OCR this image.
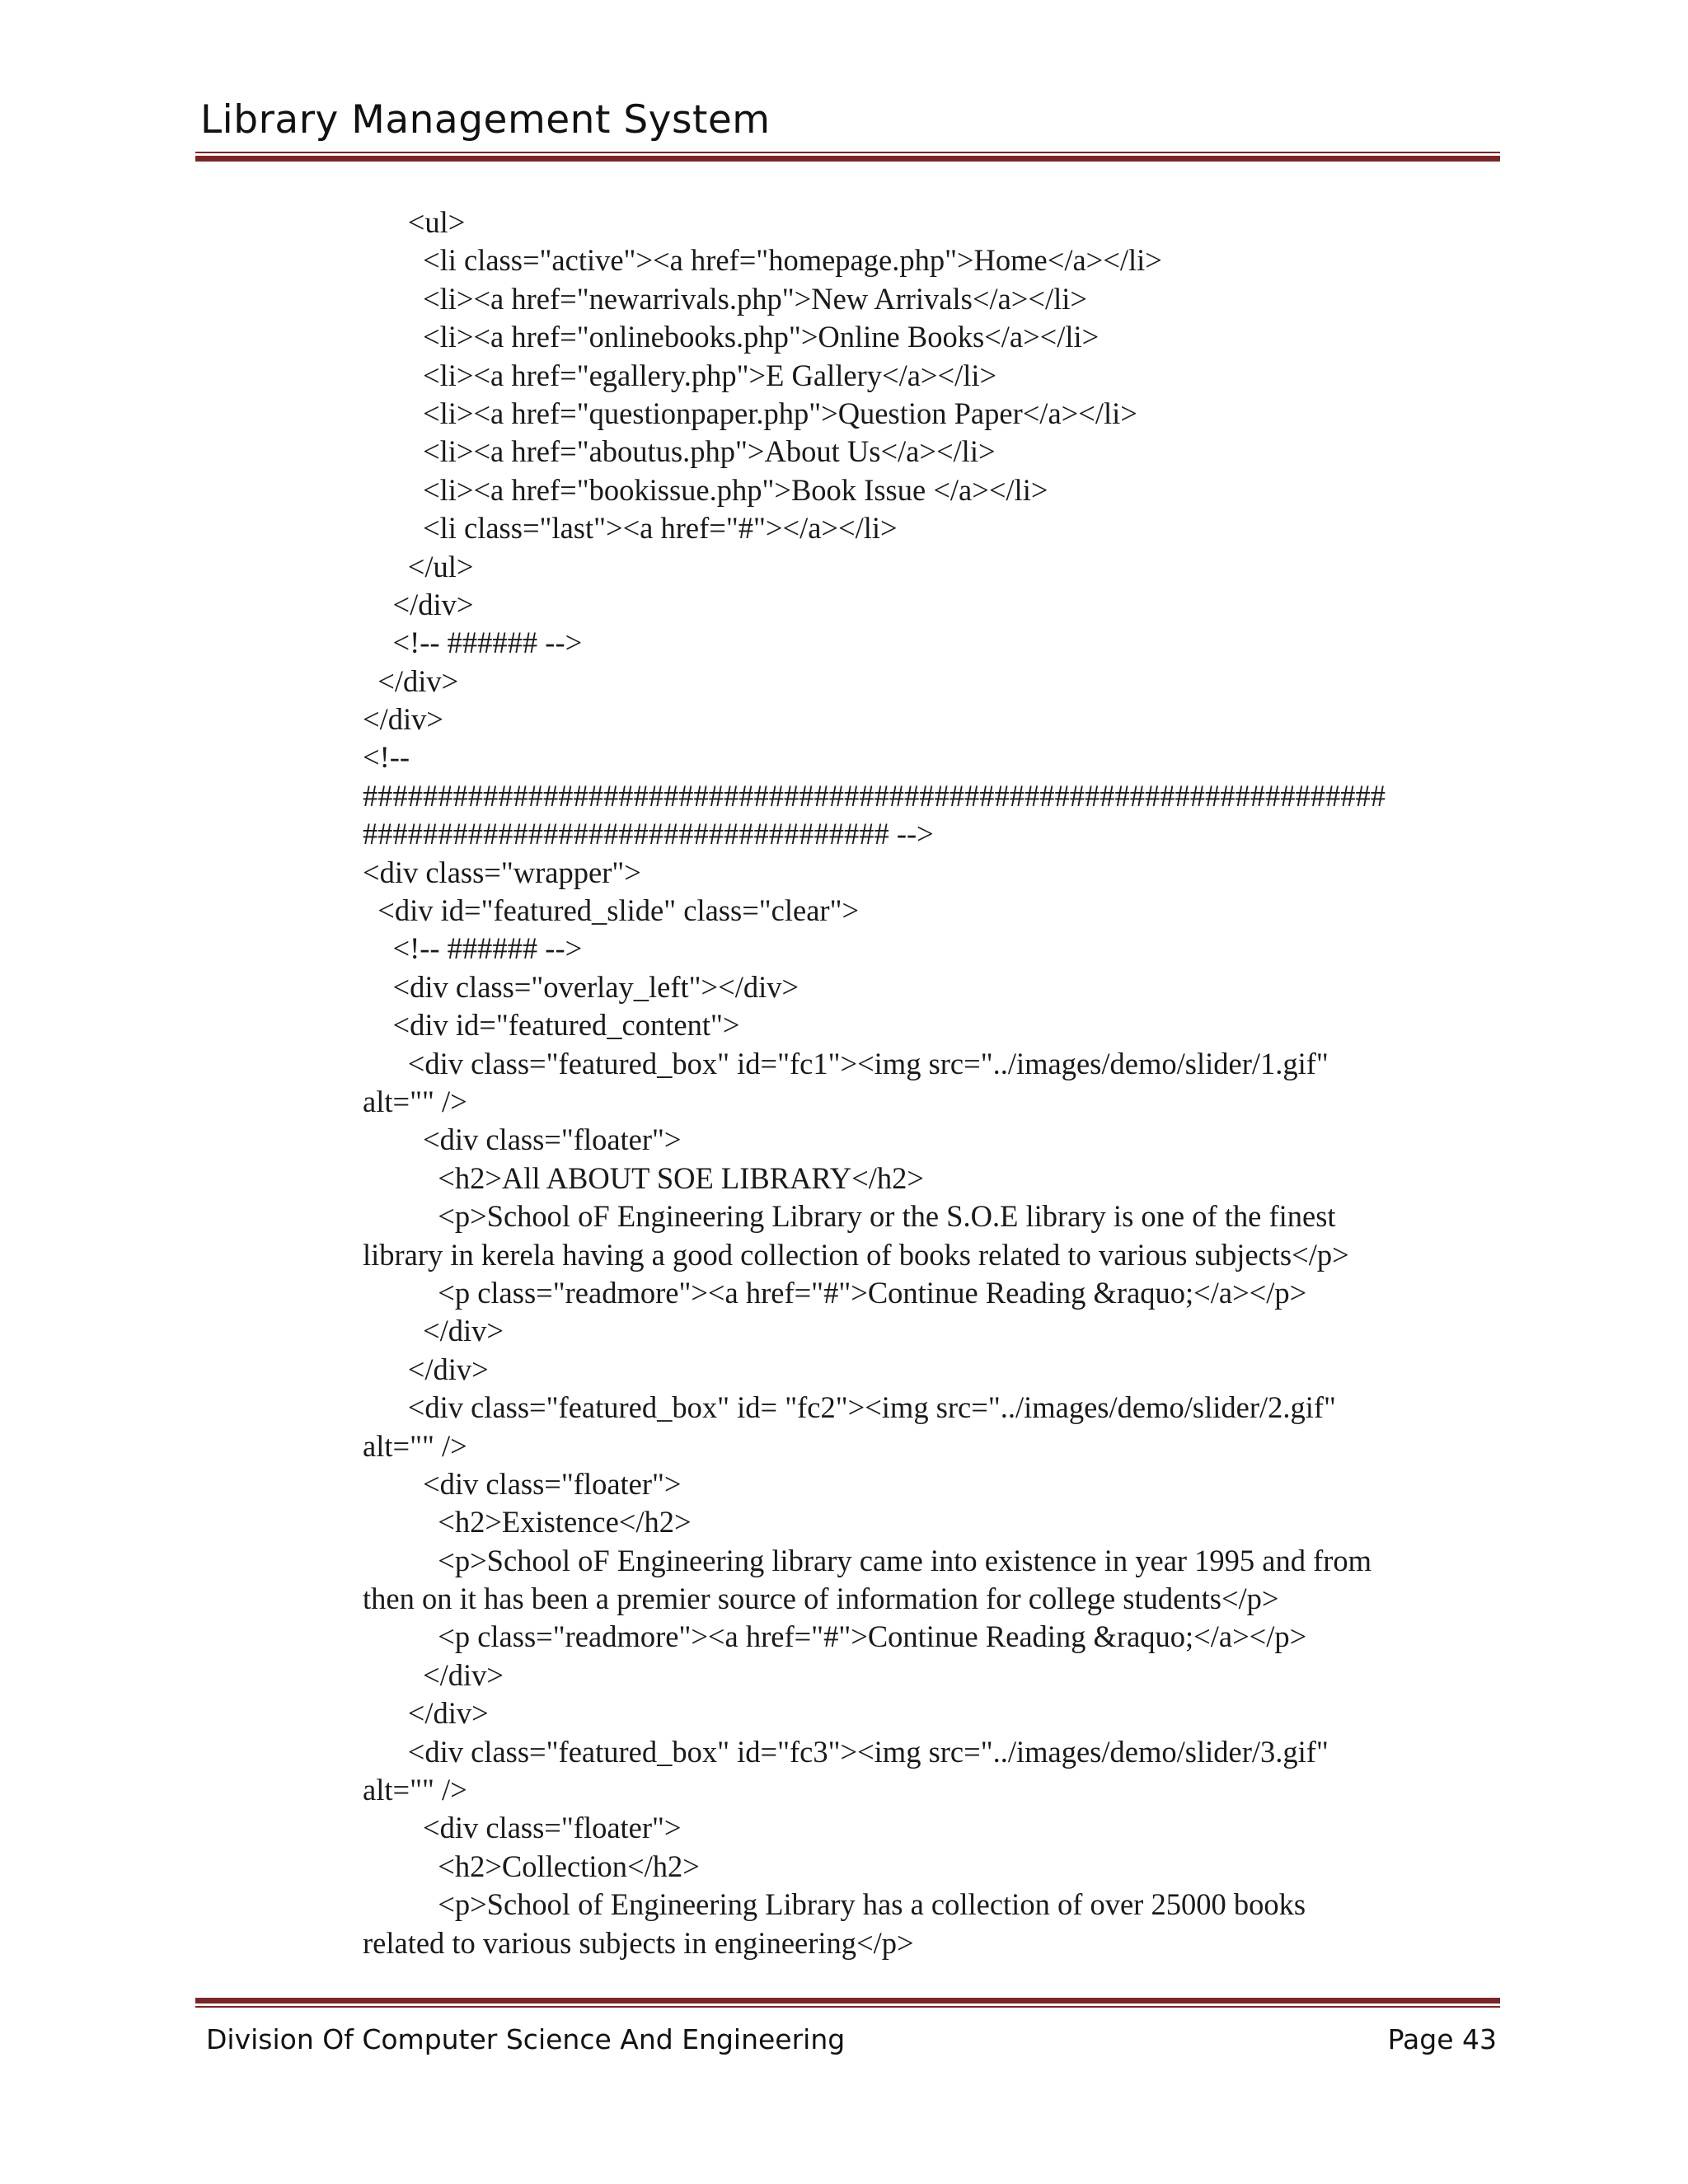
Library Management System
<ul>
<li class="active"><a href="homepage.php">Home</a></li>
<li><a href="newarrivals.php">New Arrivals</a></li>
<li><a href="onlinebooks.php">Online Books</a></li>
<li><a href="egallery.php">E Gallery</a></li>
<li><a href="questionpaper.php">Question Paper</a></li>
<li><a href="aboutus.php">About Us</a></li>
<li><a href="bookissue.php">Book Issue </a></li>
<li class="last"><a href="#"></a></li>
</ul>
</div>
<!-- ###### -->
</div>
</div>
<!--
####################################################################
################################### -->
<div class="wrapper">
<div id="featured_slide" class="clear">
<!-- ###### -->
<div class="overlay_left"></div>
<div id="featured_content">
<div class="featured_box" id="fc1"><img src="../images/demo/slider/1.gif"
alt="" />
<div class="floater">
<h2>All ABOUT SOE LIBRARY</h2>
<p>School oF Engineering Library or the S.O.E library is one of the finest
library in kerela having a good collection of books related to various subjects</p>
<p class="readmore"><a href="#">Continue Reading &raquo;</a></p>
</div>
</div>
<div class="featured_box" id= "fc2"><img src="../images/demo/slider/2.gif"
alt="" />
<div class="floater">
<h2>Existence</h2>
<p>School oF Engineering library came into existence in year 1995 and from
then on it has been a premier source of information for college students</p>
<p class="readmore"><a href="#">Continue Reading &raquo;</a></p>
</div>
</div>
<div class="featured_box" id="fc3"><img src="../images/demo/slider/3.gif"
alt="" />
<div class="floater">
<h2>Collection</h2>
<p>School of Engineering Library has a collection of over 25000 books
related to various subjects in engineering</p>
Division Of Computer Science And Engineering	Page 43
